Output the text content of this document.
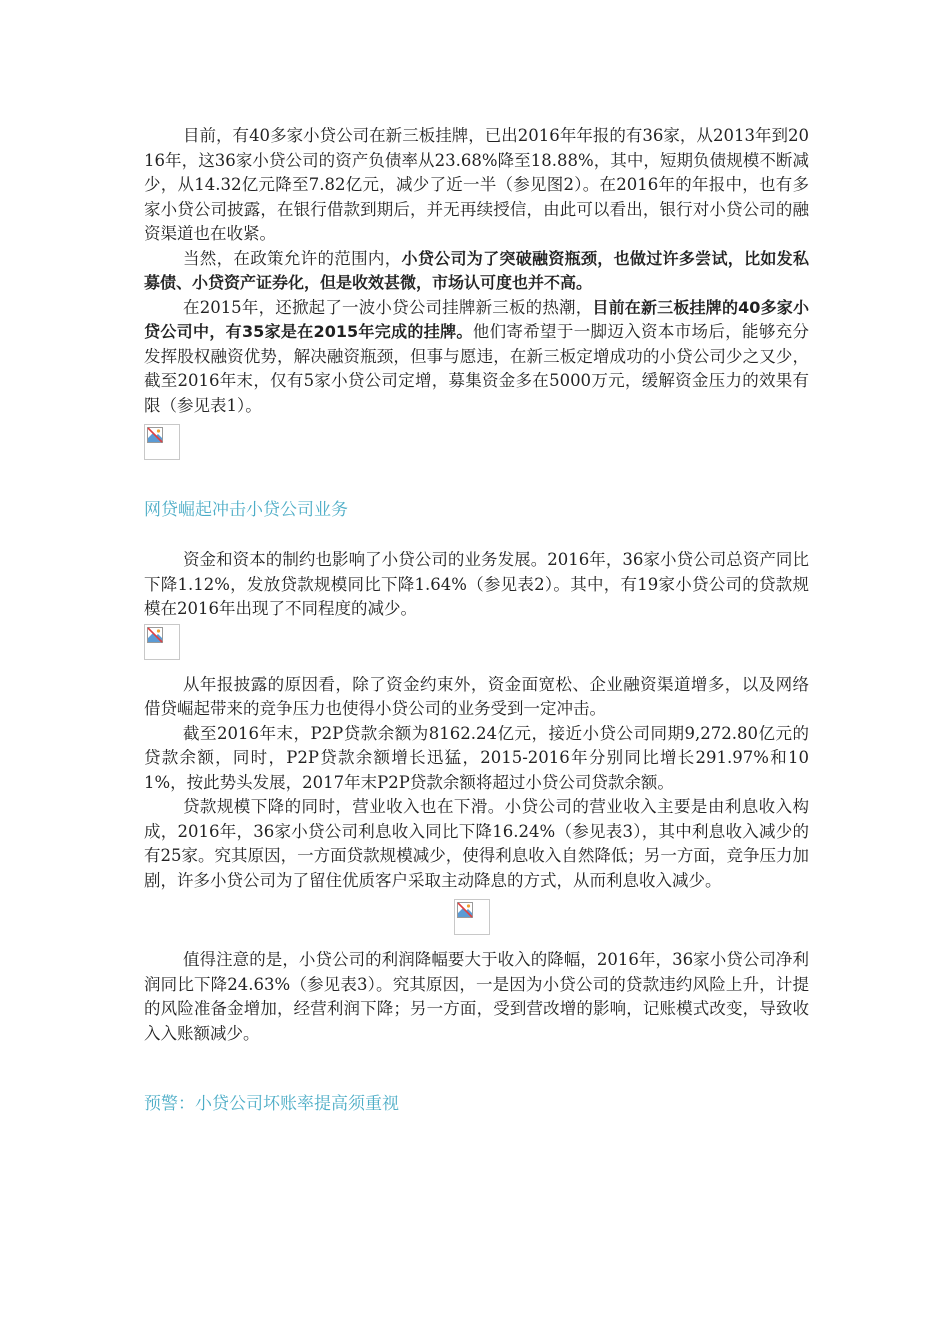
目前，有40多家小贷公司在新三板挂牌，已出2016年年报的有36家，从2013年到2016年，这36家小贷公司的资产负债率从23.68%降至18.88%，其中，短期负债规模不断减少，从14.32亿元降至7.82亿元，减少了近一半（参见图2）。在2016年的年报中，也有多家小贷公司披露，在银行借款到期后，并无再续授信，由此可以看出，银行对小贷公司的融资渠道也在收紧。

当然，在政策允许的范围内，小贷公司为了突破融资瓶颈，也做过许多尝试，比如发私募债、小贷资产证券化，但是收效甚微，市场认可度也并不高。

在2015年，还掀起了一波小贷公司挂牌新三板的热潮，目前在新三板挂牌的40多家小贷公司中，有35家是在2015年完成的挂牌。他们寄希望于一脚迈入资本市场后，能够充分发挥股权融资优势，解决融资瓶颈，但事与愿违，在新三板定增成功的小贷公司少之又少，截至2016年末，仅有5家小贷公司定增，募集资金多在5000万元，缓解资金压力的效果有限（参见表1）。

网贷崛起冲击小贷公司业务

资金和资本的制约也影响了小贷公司的业务发展。2016年，36家小贷公司总资产同比下降1.12%，发放贷款规模同比下降1.64%（参见表2）。其中，有19家小贷公司的贷款规模在2016年出现了不同程度的减少。

从年报披露的原因看，除了资金约束外，资金面宽松、企业融资渠道增多，以及网络借贷崛起带来的竞争压力也使得小贷公司的业务受到一定冲击。

截至2016年末，P2P贷款余额为8162.24亿元，接近小贷公司同期9,272.80亿元的贷款余额，同时，P2P贷款余额增长迅猛，2015-2016年分别同比增长291.97%和101%，按此势头发展，2017年末P2P贷款余额将超过小贷公司贷款余额。

贷款规模下降的同时，营业收入也在下滑。小贷公司的营业收入主要是由利息收入构成，2016年，36家小贷公司利息收入同比下降16.24%（参见表3），其中利息收入减少的有25家。究其原因，一方面贷款规模减少，使得利息收入自然降低；另一方面，竞争压力加剧，许多小贷公司为了留住优质客户采取主动降息的方式，从而利息收入减少。

值得注意的是，小贷公司的利润降幅要大于收入的降幅，2016年，36家小贷公司净利润同比下降24.63%（参见表3）。究其原因，一是因为小贷公司的贷款违约风险上升，计提的风险准备金增加，经营利润下降；另一方面，受到营改增的影响，记账模式改变，导致收入入账额减少。

预警：小贷公司坏账率提高须重视
